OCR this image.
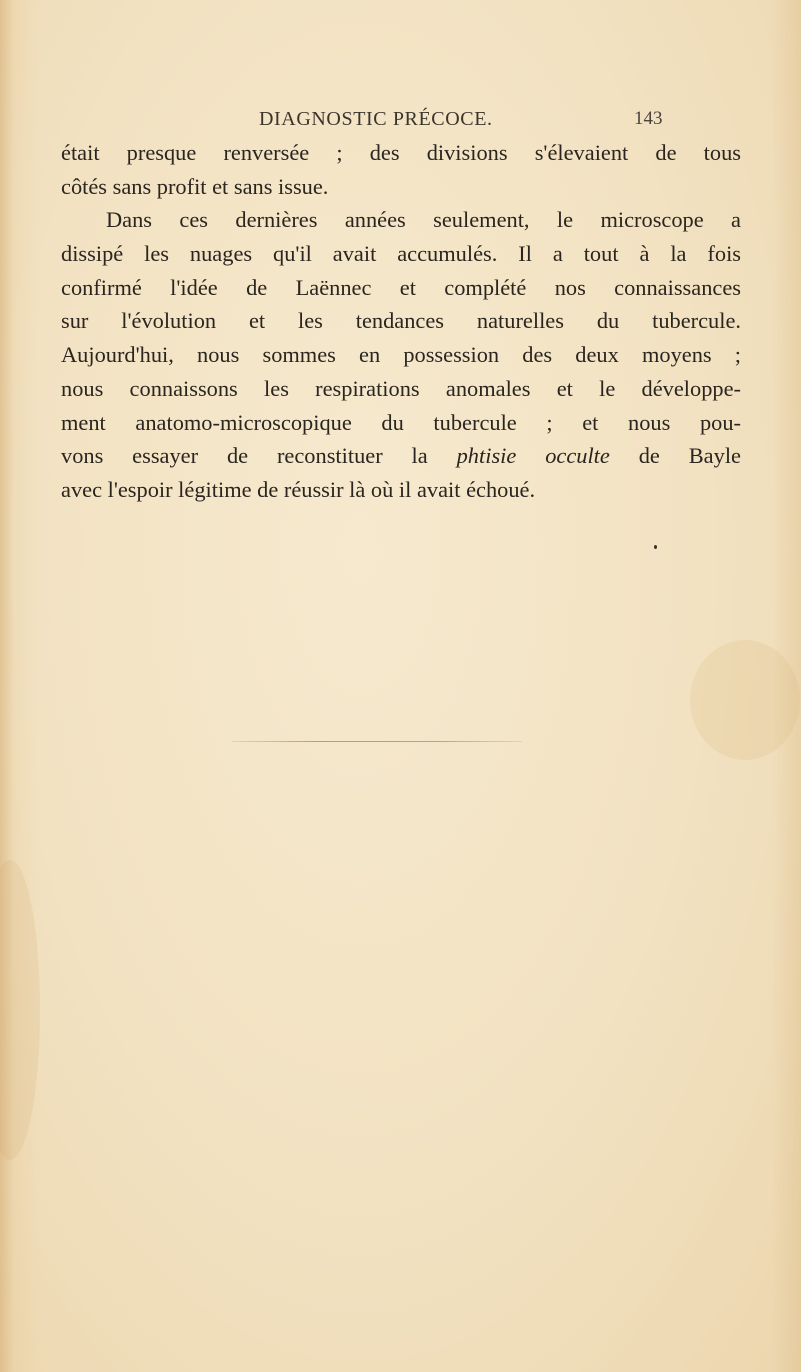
DIAGNOSTIC PRÉCOCE.	143
était presque renversée ; des divisions s'élevaient de tous
côtés sans profit et sans issue.
Dans ces dernières années seulement, le microscope a
dissipé les nuages qu'il avait accumulés. Il a tout à la fois
confirmé l'idée de Laënnec et complété nos connaissances
sur l'évolution et les tendances naturelles du tubercule.
Aujourd'hui, nous sommes en possession des deux moyens ;
nous connaissons les respirations anomales et le développe-
ment anatomo-microscopique du tubercule ; et nous pou-
vons essayer de reconstituer la phtisie occulte de Bayle
avec l'espoir légitime de réussir là où il avait échoué.
